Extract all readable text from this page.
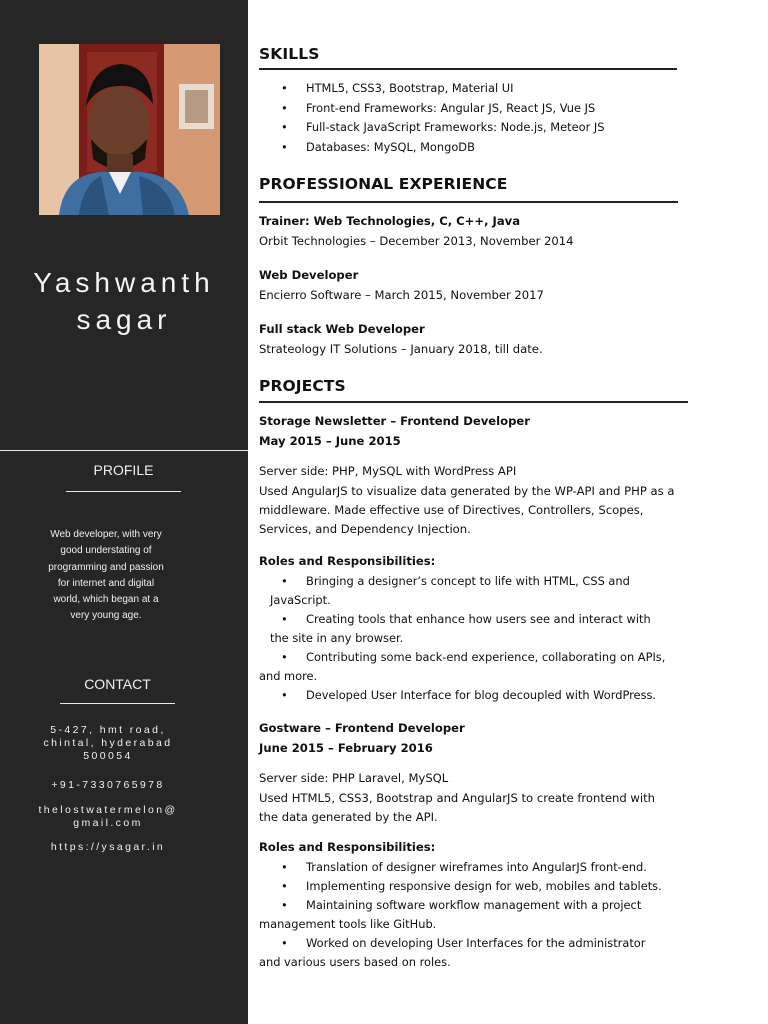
Yashwanth
sagar
PROFILE
Web developer, with very
good understating of
programming and passion
for internet and digital
world, which began at a
very young age.
CONTACT
5-427, hmt road,
chintal, hyderabad
500054
+91-7330765978
thelostwatermelon@
gmail.com
https://ysagar.in
SKILLS
• HTML5, CSS3, Bootstrap, Material UI
• Front-end Frameworks: Angular JS, React JS, Vue JS
• Full-stack JavaScript Frameworks: Node.js, Meteor JS
• Databases: MySQL, MongoDB
PROFESSIONAL EXPERIENCE
Trainer: Web Technologies, C, C++, Java
Orbit Technologies – December 2013, November 2014
Web Developer
Encierro Software – March 2015, November 2017
Full stack Web Developer
Strateology IT Solutions – January 2018, till date.
PROJECTS
Storage Newsletter – Frontend Developer
May 2015 – June 2015
Server side: PHP, MySQL with WordPress API
Used AngularJS to visualize data generated by the WP-API and PHP as a
middleware. Made effective use of Directives, Controllers, Scopes,
Services, and Dependency Injection.
Roles and Responsibilities:
• Bringing a designer’s concept to life with HTML, CSS and
JavaScript.
• Creating tools that enhance how users see and interact with
the site in any browser.
• Contributing some back-end experience, collaborating on APIs,
and more.
• Developed User Interface for blog decoupled with WordPress.
Gostware – Frontend Developer
June 2015 – February 2016
Server side: PHP Laravel, MySQL
Used HTML5, CSS3, Bootstrap and AngularJS to create frontend with
the data generated by the API.
Roles and Responsibilities:
• Translation of designer wireframes into AngularJS front-end.
• Implementing responsive design for web, mobiles and tablets.
• Maintaining software workflow management with a project
management tools like GitHub.
• Worked on developing User Interfaces for the administrator
and various users based on roles.
